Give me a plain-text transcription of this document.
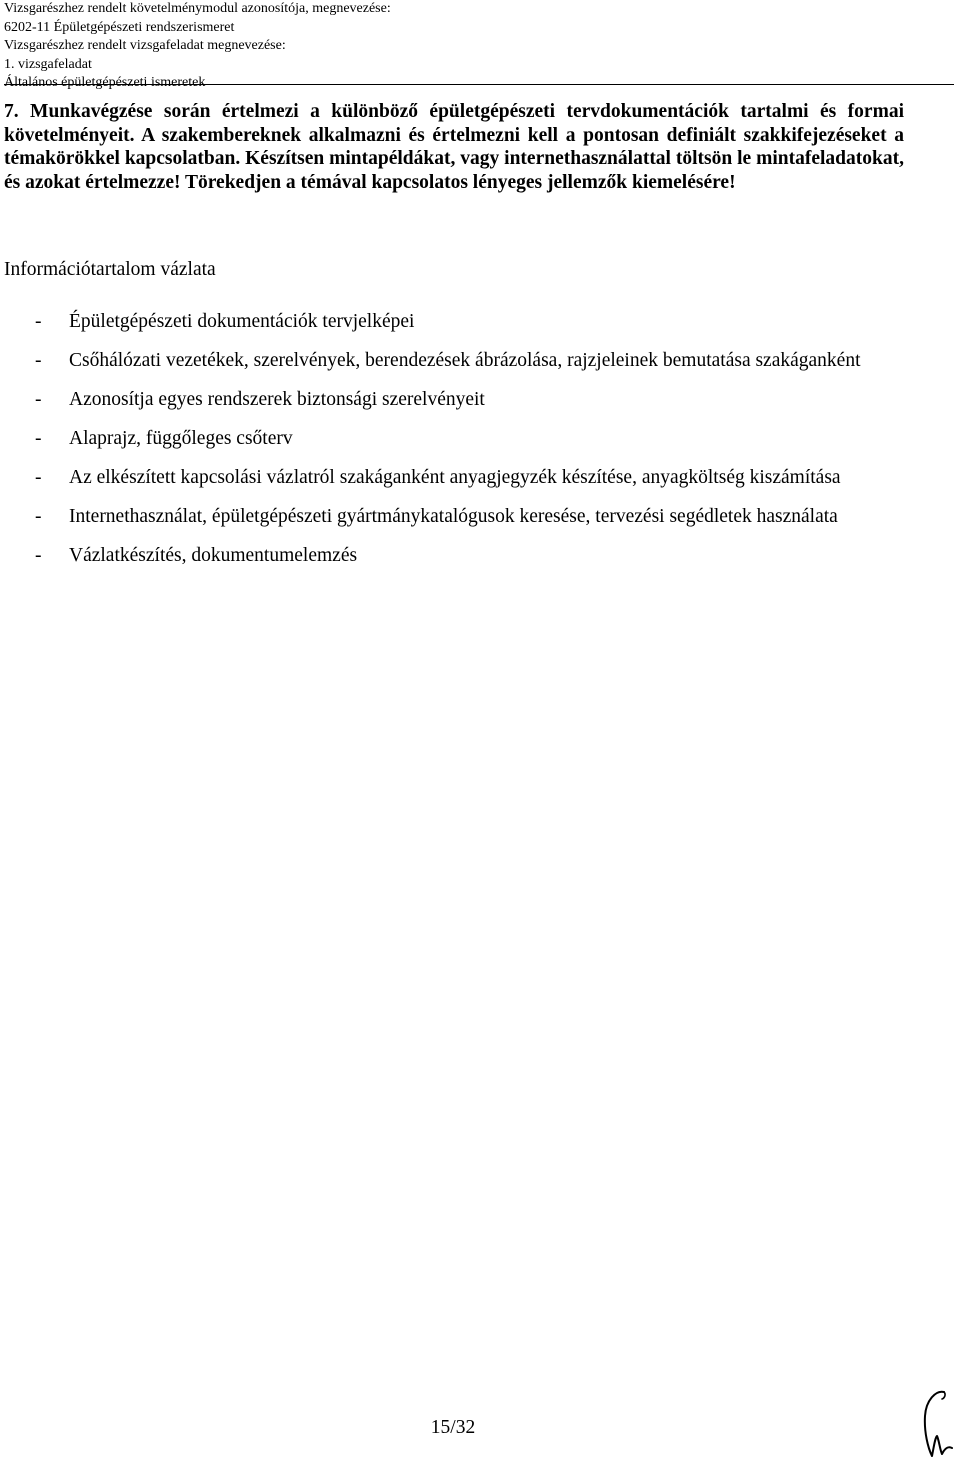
Vizsgarészhez rendelt követelménymodul azonosítója, megnevezése:
6202-11 Épületgépészeti rendszerismeret
Vizsgarészhez rendelt vizsgafeladat megnevezése:
1. vizsgafeladat
Általános épületgépészeti ismeretek

7. Munkavégzése során értelmezi a különböző épületgépészeti tervdokumentációk tartalmi és formai követelményeit. A szakembereknek alkalmazni és értelmezni kell a pontosan definiált szakkifejezéseket a témakörökkel kapcsolatban. Készítsen mintapéldákat, vagy internethasználattal töltsön le mintafeladatokat, és azokat értelmezze! Törekedjen a témával kapcsolatos lényeges jellemzők kiemelésére!

Információtartalom vázlata
- Épületgépészeti dokumentációk tervjelképei
- Csőhálózati vezetékek, szerelvények, berendezések ábrázolása, rajzjeleinek bemutatása szakáganként
- Azonosítja egyes rendszerek biztonsági szerelvényeit
- Alaprajz, függőleges csőterv
- Az elkészített kapcsolási vázlatról szakáganként anyagjegyzék készítése, anyagköltség kiszámítása
- Internethasználat, épületgépészeti gyártmánykatalógusok keresése, tervezési segédletek használata
- Vázlatkészítés, dokumentumelemzés
15/32
